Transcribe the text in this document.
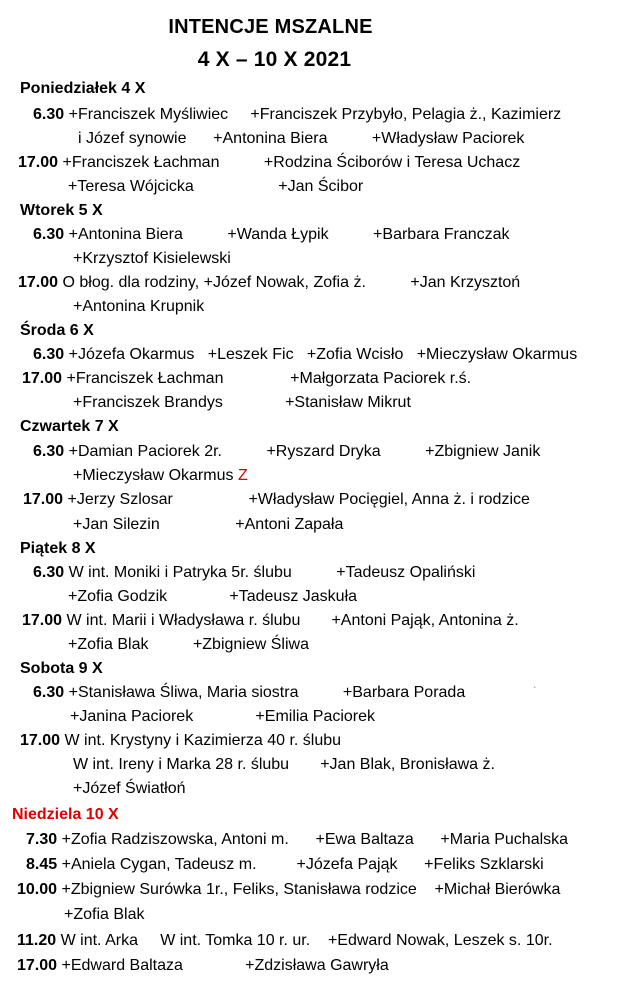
INTENCJE MSZALNE
4 X – 10 X 2021
Poniedziałek 4 X
6.30 +Franciszek Myśliwiec     +Franciszek Przybyło, Pelagia ż., Kazimierz
i Józef synowie      +Antonina Biera          +Władysław Paciorek
17.00 +Franciszek Łachman          +Rodzina Ściborów i Teresa Uchacz
+Teresa Wójcicka                   +Jan Ścibor
Wtorek 5 X
6.30 +Antonina Biera          +Wanda Łypik          +Barbara Franczak
+Krzysztof Kisielewski
17.00 O błog. dla rodziny, +Józef Nowak, Zofia ż.          +Jan Krzysztoń
+Antonina Krupnik
Środa 6 X
6.30 +Józefa Okarmus   +Leszek Fic   +Zofia Wcisło   +Mieczysław Okarmus
17.00 +Franciszek Łachman               +Małgorzata Paciorek r.ś.
+Franciszek Brandys              +Stanisław Mikrut
Czwartek 7 X
6.30 +Damian Paciorek 2r.          +Ryszard Dryka          +Zbigniew Janik
+Mieczysław Okarmus Z
17.00 +Jerzy Szlosar                 +Władysław Pocięgiel, Anna ż. i rodzice
+Jan Silezin                 +Antoni Zapała
Piątek 8 X
6.30 W int. Moniki i Patryka 5r. ślubu          +Tadeusz Opaliński
+Zofia Godzik              +Tadeusz Jaskuła
17.00 W int. Marii i Władysława r. ślubu       +Antoni Pająk, Antonina ż.
+Zofia Blak          +Zbigniew Śliwa
Sobota 9 X
6.30 +Stanisława Śliwa, Maria siostra          +Barbara Porada	`
+Janina Paciorek              +Emilia Paciorek
17.00 W int. Krystyny i Kazimierza 40 r. ślubu
W int. Ireny i Marka 28 r. ślubu       +Jan Blak, Bronisława ż.
+Józef Światłoń
Niedziela 10 X
7.30 +Zofia Radziszowska, Antoni m.      +Ewa Baltaza      +Maria Puchalska
8.45 +Aniela Cygan, Tadeusz m.         +Józefa Pająk      +Feliks Szklarski
10.00 +Zbigniew Surówka 1r., Feliks, Stanisława rodzice    +Michał Bierówka
+Zofia Blak
11.20 W int. Arka     W int. Tomka 10 r. ur.    +Edward Nowak, Leszek s. 10r.
17.00 +Edward Baltaza              +Zdzisława Gawryła
